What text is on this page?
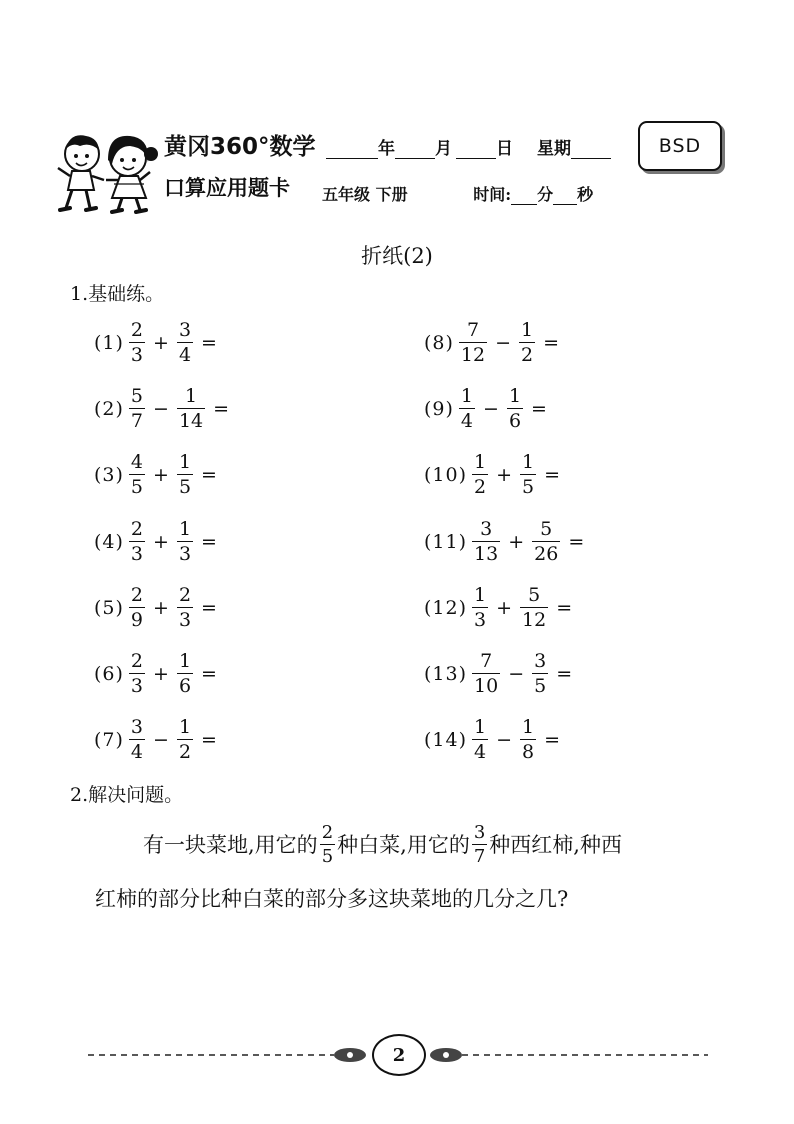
黄冈360°数学
口算应用题卡
年 月	日 星期
五年级 下册	时间: 分 秒
BSD
折纸(2)
1.基础练。
$(1) \frac{2}{3} + \frac{3}{4}$ =
$(2) \frac{5}{7} - \frac{1}{14}$ =
$(3) \frac{4}{5} + \frac{1}{5}$ =
$(4) \frac{2}{3} + \frac{1}{3}$ =
$(5) \frac{2}{9} + \frac{2}{3}$ =
$(6) \frac{2}{3} + \frac{1}{6}$ =
$(7) \frac{3}{4} - \frac{1}{2}$ =
$(8) \frac{7}{12} - \frac{1}{2}$ =
$(9) \frac{1}{4} - \frac{1}{6}$ =
$(10) \frac{1}{2} + \frac{1}{5}$ =
$(11) \frac{3}{13} + \frac{5}{26}$ =
$(12) \frac{1}{3} + \frac{5}{12}$ =
$(13) \frac{7}{10} - \frac{3}{5}$ =
$(14) \frac{1}{4} - \frac{1}{8}$ =
2.解决问题。
有一块菜地,用它的 $\frac{2}{5}$ 种白菜,用它的 $\frac{3}{7}$ 种西红柿,种西
红柿的部分比种白菜的部分多这块菜地的几分之几?
2
